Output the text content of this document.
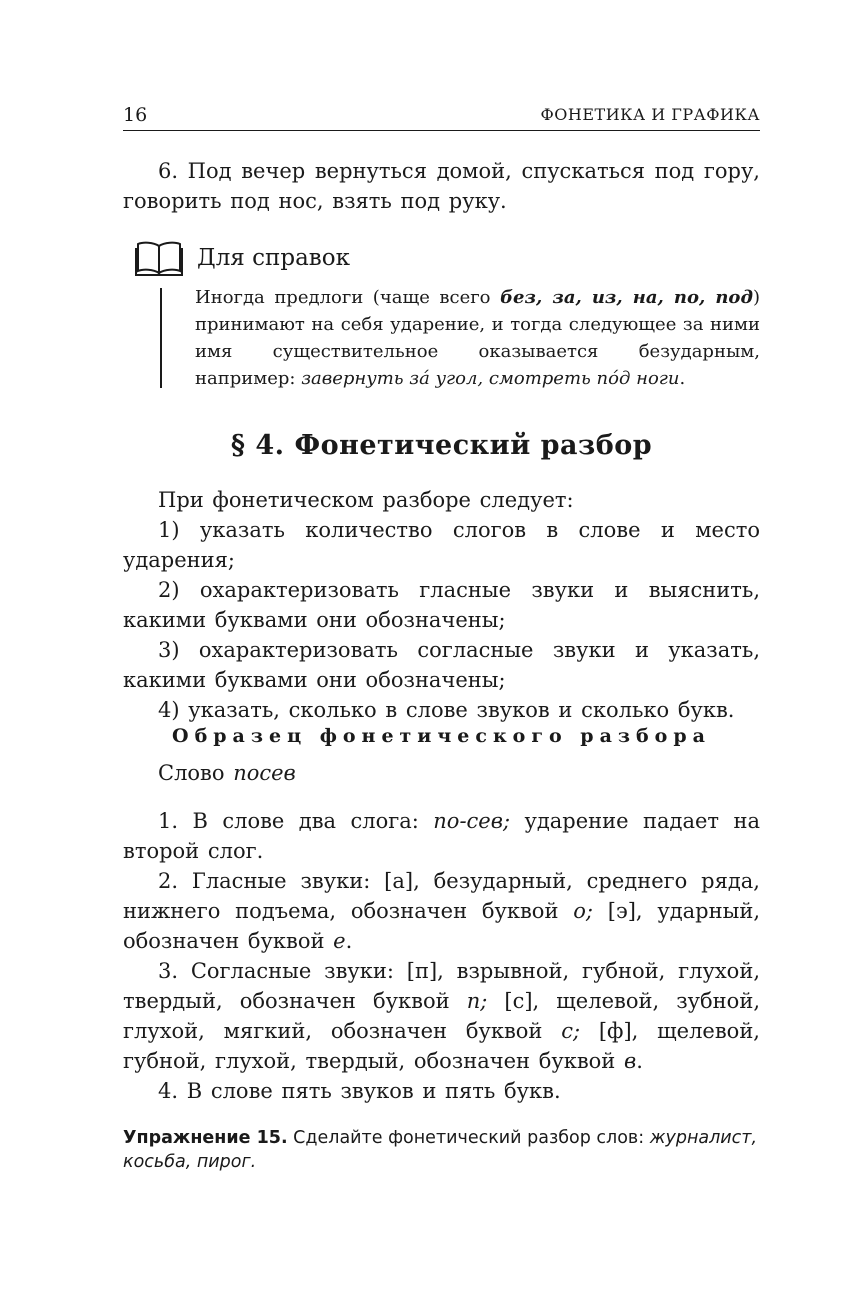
16	ФОНЕТИКА И ГРАФИКА

6. Под вечер вернуться домой, спускаться под гору, говорить под нос, взять под руку.

Для справок

Иногда предлоги (чаще всего без, за, из, на, по, под) принимают на себя ударение, и тогда следующее за ними имя существительное оказывается безударным, например: завернуть за́ угол, смотреть по́д ноги.

§ 4. Фонетический разбор

При фонетическом разборе следует:

1) указать количество слогов в слове и место ударения;

2) охарактеризовать гласные звуки и выяснить, какими буквами они обозначены;

3) охарактеризовать согласные звуки и указать, какими буквами они обозначены;

4) указать, сколько в слове звуков и сколько букв.

Образец фонетического разбора

Слово посев

1. В слове два слога: по-сев; ударение падает на второй слог.

2. Гласные звуки: [а], безударный, среднего ряда, нижнего подъема, обозначен буквой о; [э], ударный, обозначен буквой е.

3. Согласные звуки: [п], взрывной, губной, глухой, твердый, обозначен буквой п; [с], щелевой, зубной, глухой, мягкий, обозначен буквой с; [ф], щелевой, губной, глухой, твердый, обозначен буквой в.

4. В слове пять звуков и пять букв.

Упражнение 15. Сделайте фонетический разбор слов: журналист, косьба, пирог.
